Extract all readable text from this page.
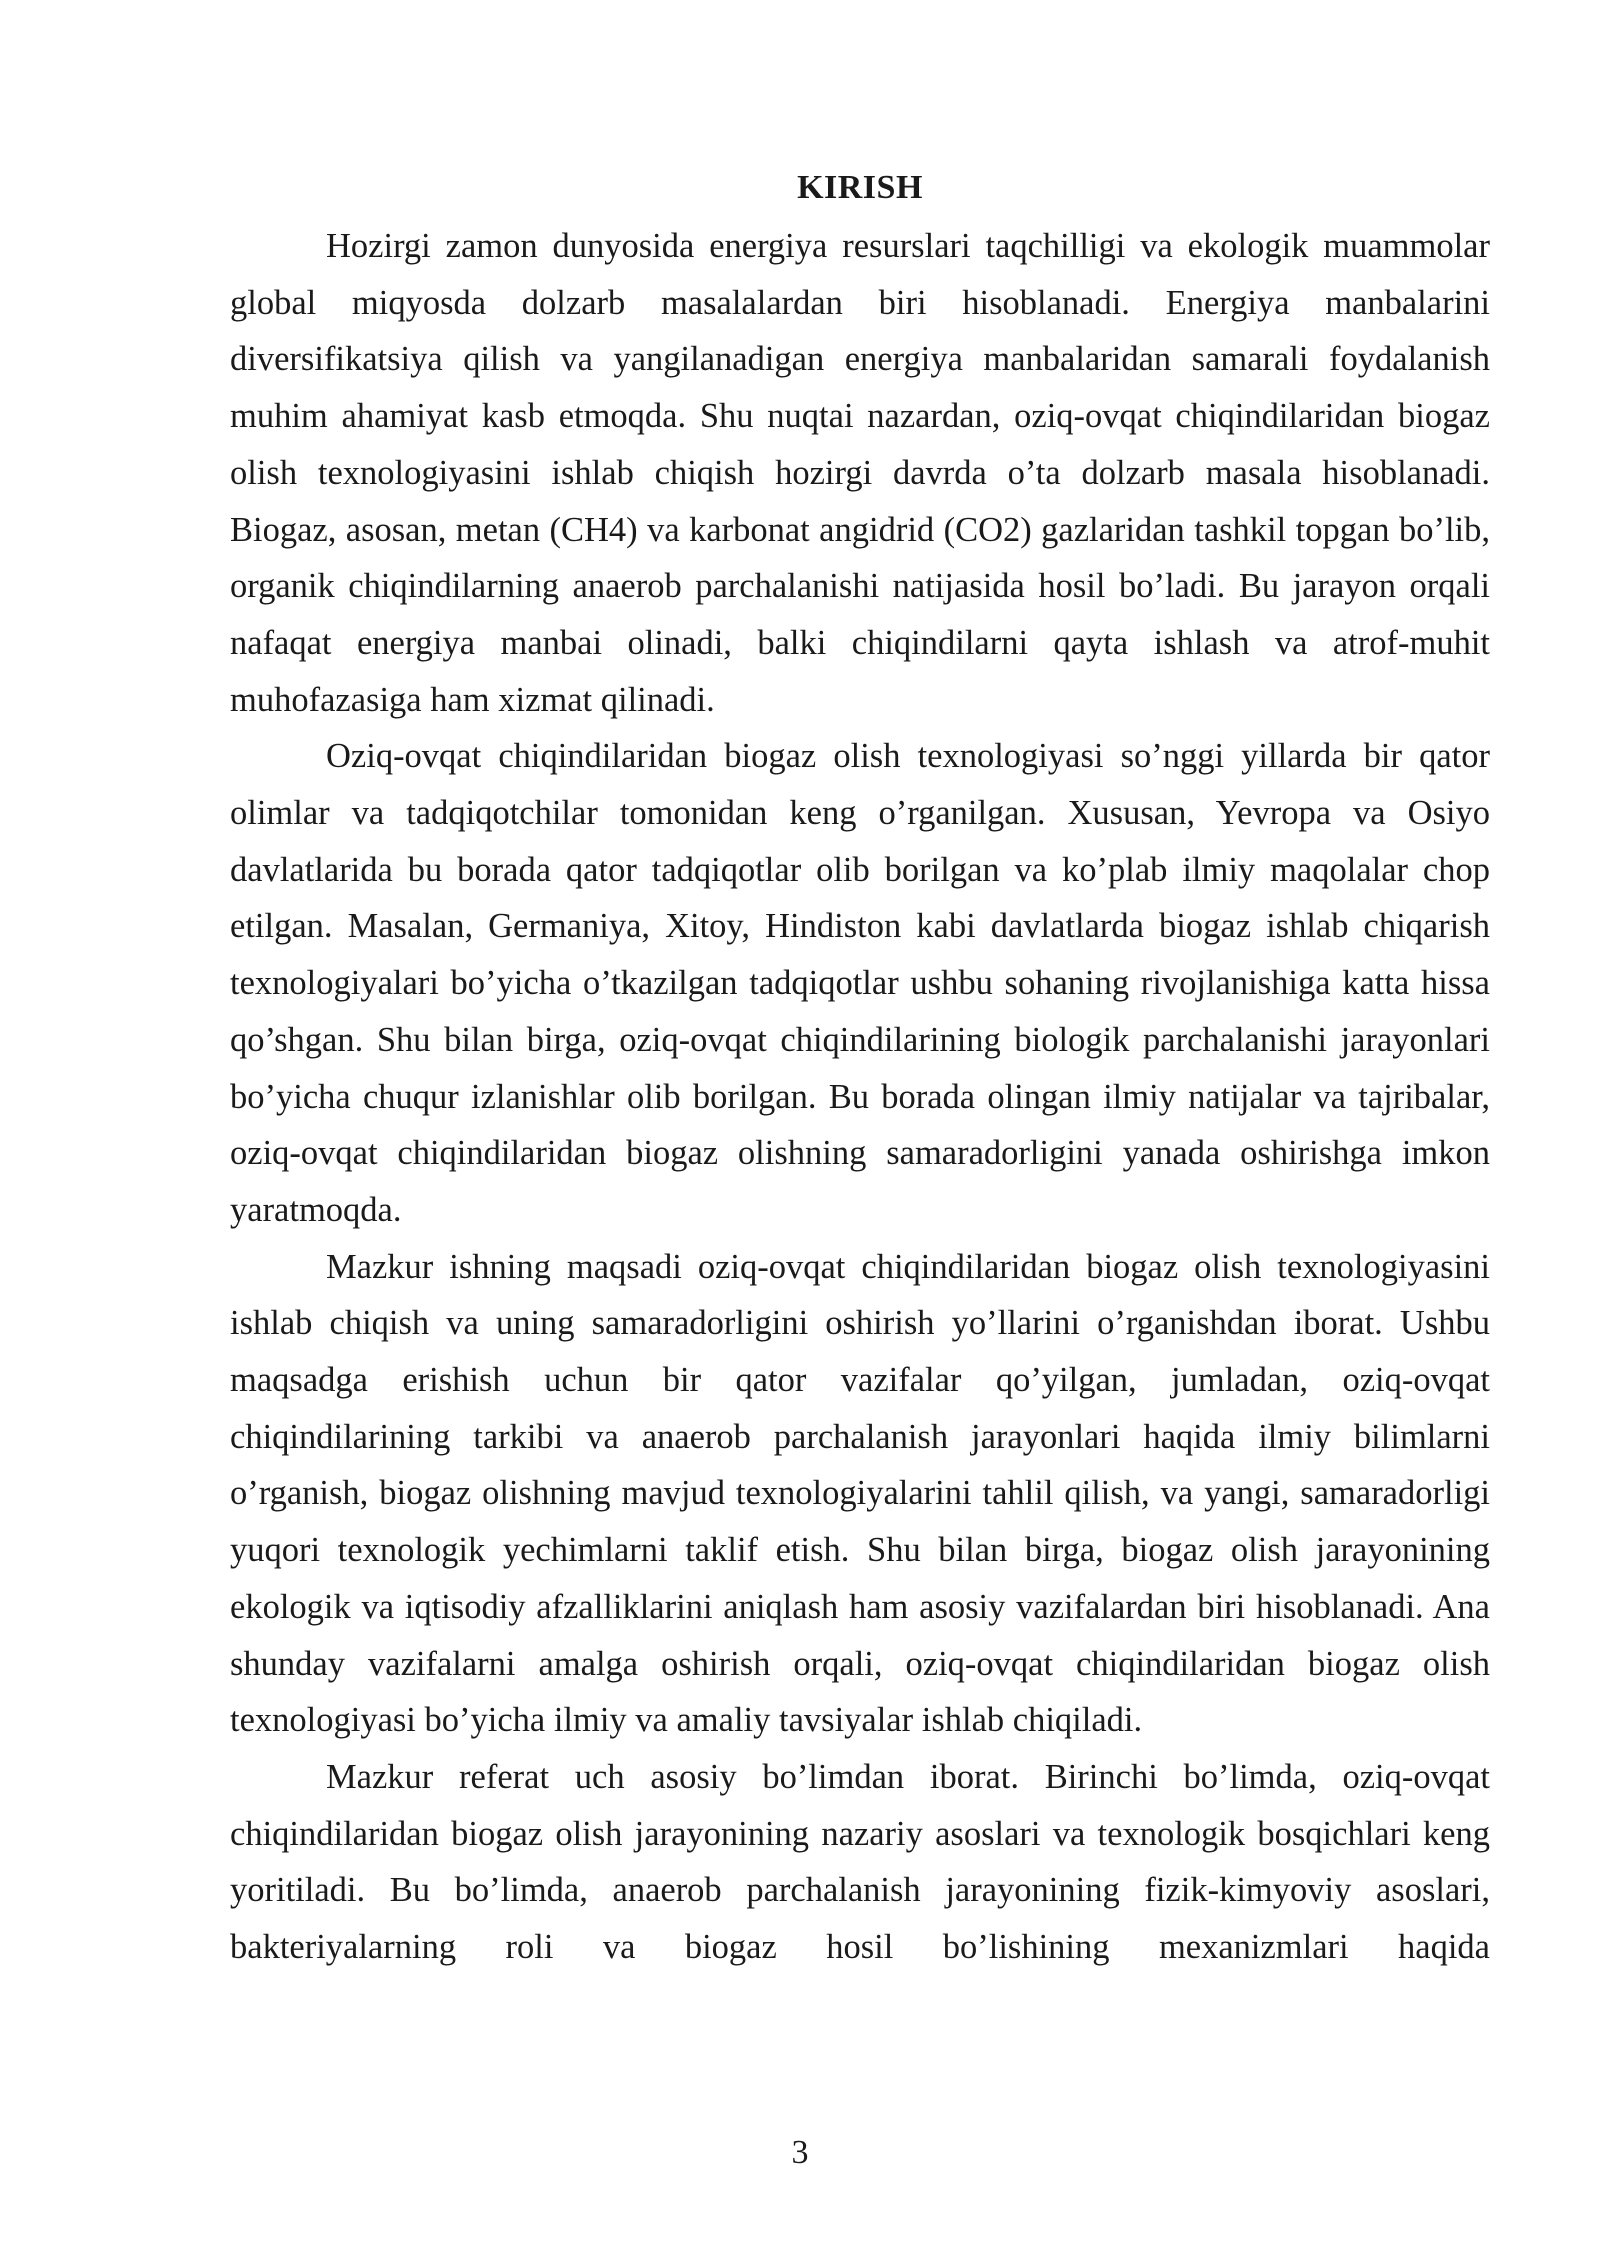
KIRISH

Hozirgi zamon dunyosida energiya resurslari taqchilligi va ekologik muammolar global miqyosda dolzarb masalalardan biri hisoblanadi. Energiya manbalarini diversifikatsiya qilish va yangilanadigan energiya manbalaridan samarali foydalanish muhim ahamiyat kasb etmoqda. Shu nuqtai nazardan, oziq-ovqat chiqindilaridan biogaz olish texnologiyasini ishlab chiqish hozirgi davrda o’ta dolzarb masala hisoblanadi. Biogaz, asosan, metan (CH4) va karbonat angidrid (CO2) gazlaridan tashkil topgan bo’lib, organik chiqindilarning anaerob parchalanishi natijasida hosil bo’ladi. Bu jarayon orqali nafaqat energiya manbai olinadi, balki chiqindilarni qayta ishlash va atrof-muhit muhofazasiga ham xizmat qilinadi.

Oziq-ovqat chiqindilaridan biogaz olish texnologiyasi so’nggi yillarda bir qator olimlar va tadqiqotchilar tomonidan keng o’rganilgan. Xususan, Yevropa va Osiyo davlatlarida bu borada qator tadqiqotlar olib borilgan va ko’plab ilmiy maqolalar chop etilgan. Masalan, Germaniya, Xitoy, Hindiston kabi davlatlarda biogaz ishlab chiqarish texnologiyalari bo’yicha o’tkazilgan tadqiqotlar ushbu sohaning rivojlanishiga katta hissa qo’shgan. Shu bilan birga, oziq-ovqat chiqindilarining biologik parchalanishi jarayonlari bo’yicha chuqur izlanishlar olib borilgan. Bu borada olingan ilmiy natijalar va tajribalar, oziq-ovqat chiqindilaridan biogaz olishning samaradorligini yanada oshirishga imkon yaratmoqda.

Mazkur ishning maqsadi oziq-ovqat chiqindilaridan biogaz olish texnologiyasini ishlab chiqish va uning samaradorligini oshirish yo’llarini o’rganishdan iborat. Ushbu maqsadga erishish uchun bir qator vazifalar qo’yilgan, jumladan, oziq-ovqat chiqindilarining tarkibi va anaerob parchalanish jarayonlari haqida ilmiy bilimlarni o’rganish, biogaz olishning mavjud texnologiyalarini tahlil qilish, va yangi, samaradorligi yuqori texnologik yechimlarni taklif etish. Shu bilan birga, biogaz olish jarayonining ekologik va iqtisodiy afzalliklarini aniqlash ham asosiy vazifalardan biri hisoblanadi. Ana shunday vazifalarni amalga oshirish orqali, oziq-ovqat chiqindilaridan biogaz olish texnologiyasi bo’yicha ilmiy va amaliy tavsiyalar ishlab chiqiladi.

Mazkur referat uch asosiy bo’limdan iborat. Birinchi bo’limda, oziq-ovqat chiqindilaridan biogaz olish jarayonining nazariy asoslari va texnologik bosqichlari keng yoritiladi. Bu bo’limda, anaerob parchalanish jarayonining fizik-kimyoviy asoslari, bakteriyalarning roli va biogaz hosil bo’lishining mexanizmlari haqida

3
